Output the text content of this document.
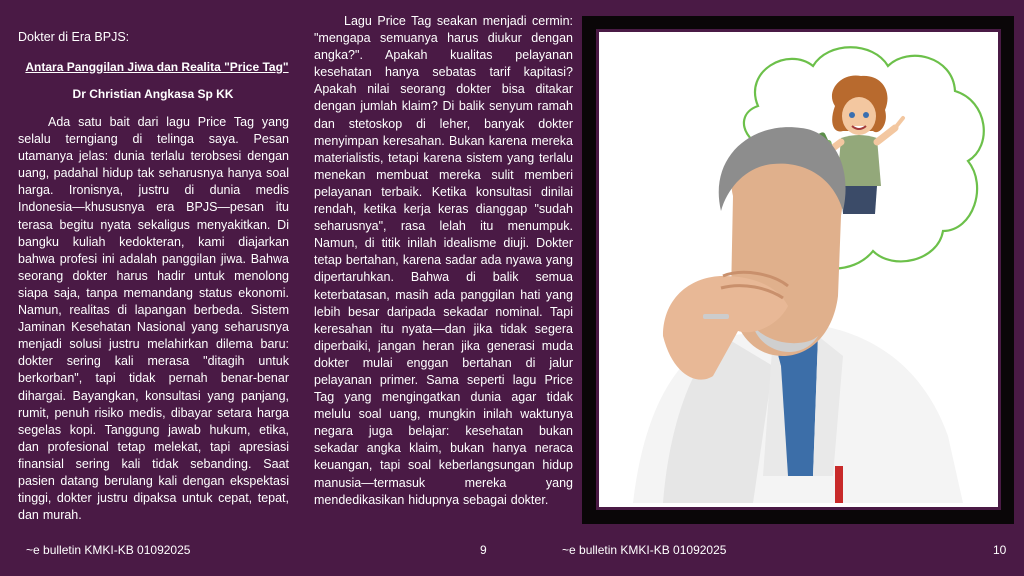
Dokter di Era BPJS:
Antara Panggilan Jiwa dan Realita "Price Tag"
Dr Christian Angkasa Sp KK

Ada satu bait dari lagu Price Tag yang selalu terngiang di telinga saya. Pesan utamanya jelas: dunia terlalu terobsesi dengan uang, padahal hidup tak seharusnya hanya soal harga. Ironisnya, justru di dunia medis Indonesia—khususnya era BPJS—pesan itu terasa begitu nyata sekaligus menyakitkan. Di bangku kuliah kedokteran, kami diajarkan bahwa profesi ini adalah panggilan jiwa. Bahwa seorang dokter harus hadir untuk menolong siapa saja, tanpa memandang status ekonomi. Namun, realitas di lapangan berbeda. Sistem Jaminan Kesehatan Nasional yang seharusnya menjadi solusi justru melahirkan dilema baru: dokter sering kali merasa "ditagih untuk berkorban", tapi tidak pernah benar-benar dihargai. Bayangkan, konsultasi yang panjang, rumit, penuh risiko medis, dibayar setara harga segelas kopi. Tanggung jawab hukum, etika, dan profesional tetap melekat, tapi apresiasi finansial sering kali tidak sebanding. Saat pasien datang berulang kali dengan ekspektasi tinggi, dokter justru dipaksa untuk cepat, tepat, dan murah.

~e bulletin KMKI-KB 01092025

Lagu Price Tag seakan menjadi cermin: "mengapa semuanya harus diukur dengan angka?". Apakah kualitas pelayanan kesehatan hanya sebatas tarif kapitasi? Apakah nilai seorang dokter bisa ditakar dengan jumlah klaim? Di balik senyum ramah dan stetoskop di leher, banyak dokter menyimpan keresahan. Bukan karena mereka materialistis, tetapi karena sistem yang terlalu menekan membuat mereka sulit memberi pelayanan terbaik. Ketika konsultasi dinilai rendah, ketika kerja keras dianggap "sudah seharusnya", rasa lelah itu menumpuk. Namun, di titik inilah idealisme diuji. Dokter tetap bertahan, karena sadar ada nyawa yang dipertaruhkan. Bahwa di balik semua keterbatasan, masih ada panggilan hati yang lebih besar daripada sekadar nominal. Tapi keresahan itu nyata—dan jika tidak segera diperbaiki, jangan heran jika generasi muda dokter mulai enggan bertahan di jalur pelayanan primer. Sama seperti lagu Price Tag yang mengingatkan dunia agar tidak melulu soal uang, mungkin inilah waktunya negara juga belajar: kesehatan bukan sekadar angka klaim, bukan hanya neraca keuangan, tapi soal keberlangsungan hidup manusia—termasuk mereka yang mendedikasikan hidupnya sebagai dokter.

9	~e bulletin KMKI-KB 01092025	10
